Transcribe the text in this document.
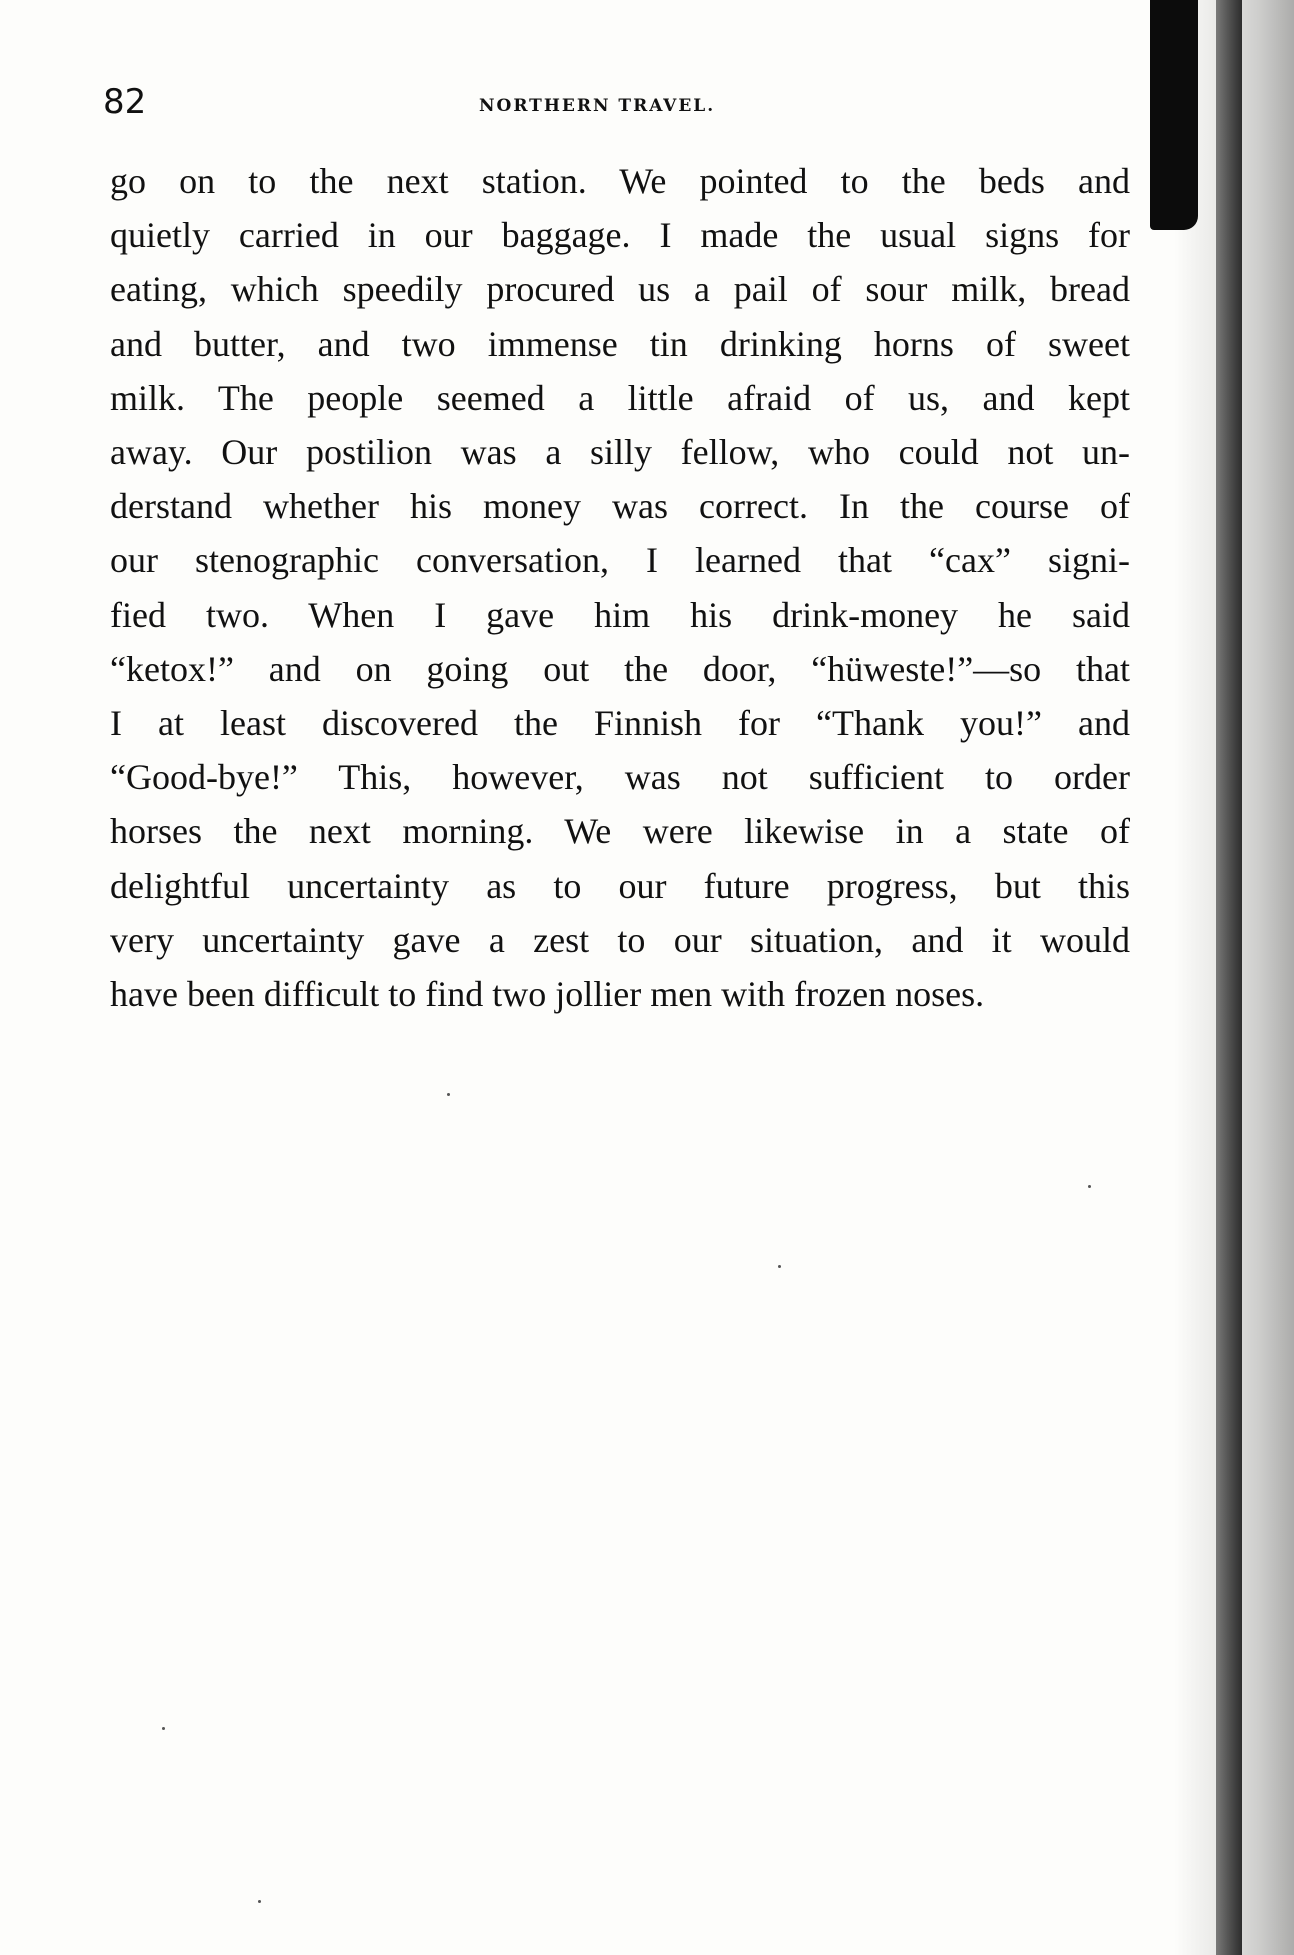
82	NORTHERN TRAVEL.
go on to the next station. We pointed to the beds and
quietly carried in our baggage. I made the usual signs for
eating, which speedily procured us a pail of sour milk, bread
and butter, and two immense tin drinking horns of sweet
milk. The people seemed a little afraid of us, and kept
away. Our postilion was a silly fellow, who could not un-
derstand whether his money was correct. In the course of
our stenographic conversation, I learned that “cax” signi-
fied two. When I gave him his drink-money he said
“ketox!” and on going out the door, “hüweste!”—so that
I at least discovered the Finnish for “Thank you!” and
“Good-bye!” This, however, was not sufficient to order
horses the next morning. We were likewise in a state of
delightful uncertainty as to our future progress, but this
very uncertainty gave a zest to our situation, and it would
have been difficult to find two jollier men with frozen noses.
